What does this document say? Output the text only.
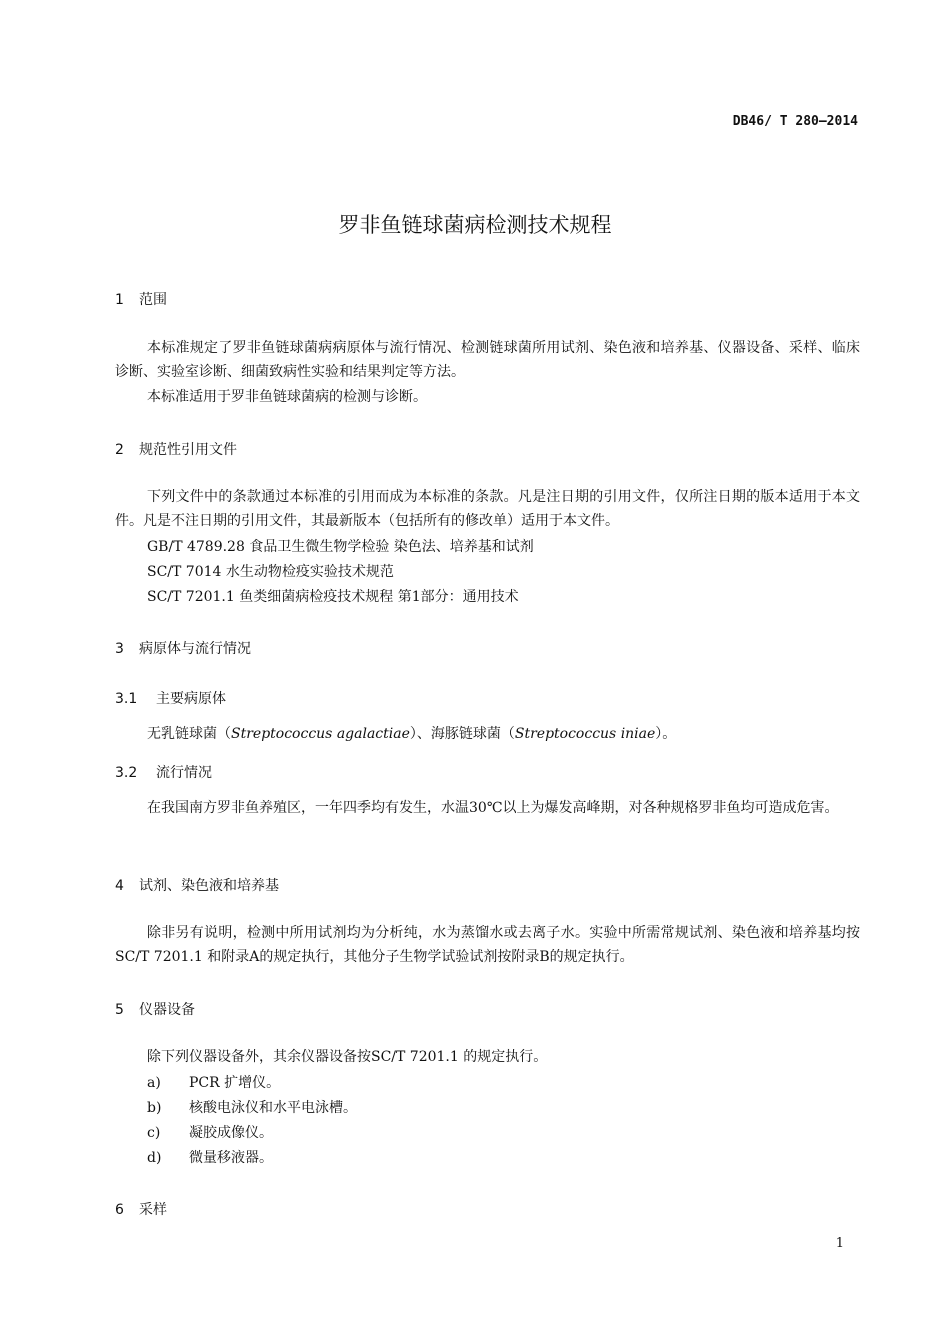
DB46/ T 280—2014
罗非鱼链球菌病检测技术规程
1 范围
本标准规定了罗非鱼链球菌病病原体与流行情况、检测链球菌所用试剂、染色液和培养基、仪器设备、采样、临床诊断、实验室诊断、细菌致病性实验和结果判定等方法。
本标准适用于罗非鱼链球菌病的检测与诊断。
2 规范性引用文件
下列文件中的条款通过本标准的引用而成为本标准的条款。凡是注日期的引用文件，仅所注日期的版本适用于本文件。凡是不注日期的引用文件，其最新版本（包括所有的修改单）适用于本文件。
GB/T 4789.28 食品卫生微生物学检验 染色法、培养基和试剂
SC/T 7014 水生动物检疫实验技术规范
SC/T 7201.1 鱼类细菌病检疫技术规程 第1部分：通用技术
3 病原体与流行情况
3.1 主要病原体
无乳链球菌（Streptococcus agalactiae）、海豚链球菌（Streptococcus iniae）。
3.2 流行情况
在我国南方罗非鱼养殖区，一年四季均有发生，水温30℃以上为爆发高峰期，对各种规格罗非鱼均可造成危害。
4 试剂、染色液和培养基
除非另有说明，检测中所用试剂均为分析纯，水为蒸馏水或去离子水。实验中所需常规试剂、染色液和培养基均按SC/T 7201.1 和附录A的规定执行，其他分子生物学试验试剂按附录B的规定执行。
5 仪器设备
除下列仪器设备外，其余仪器设备按SC/T 7201.1 的规定执行。
a) PCR 扩增仪。
b) 核酸电泳仪和水平电泳槽。
c) 凝胶成像仪。
d) 微量移液器。
6 采样
1
